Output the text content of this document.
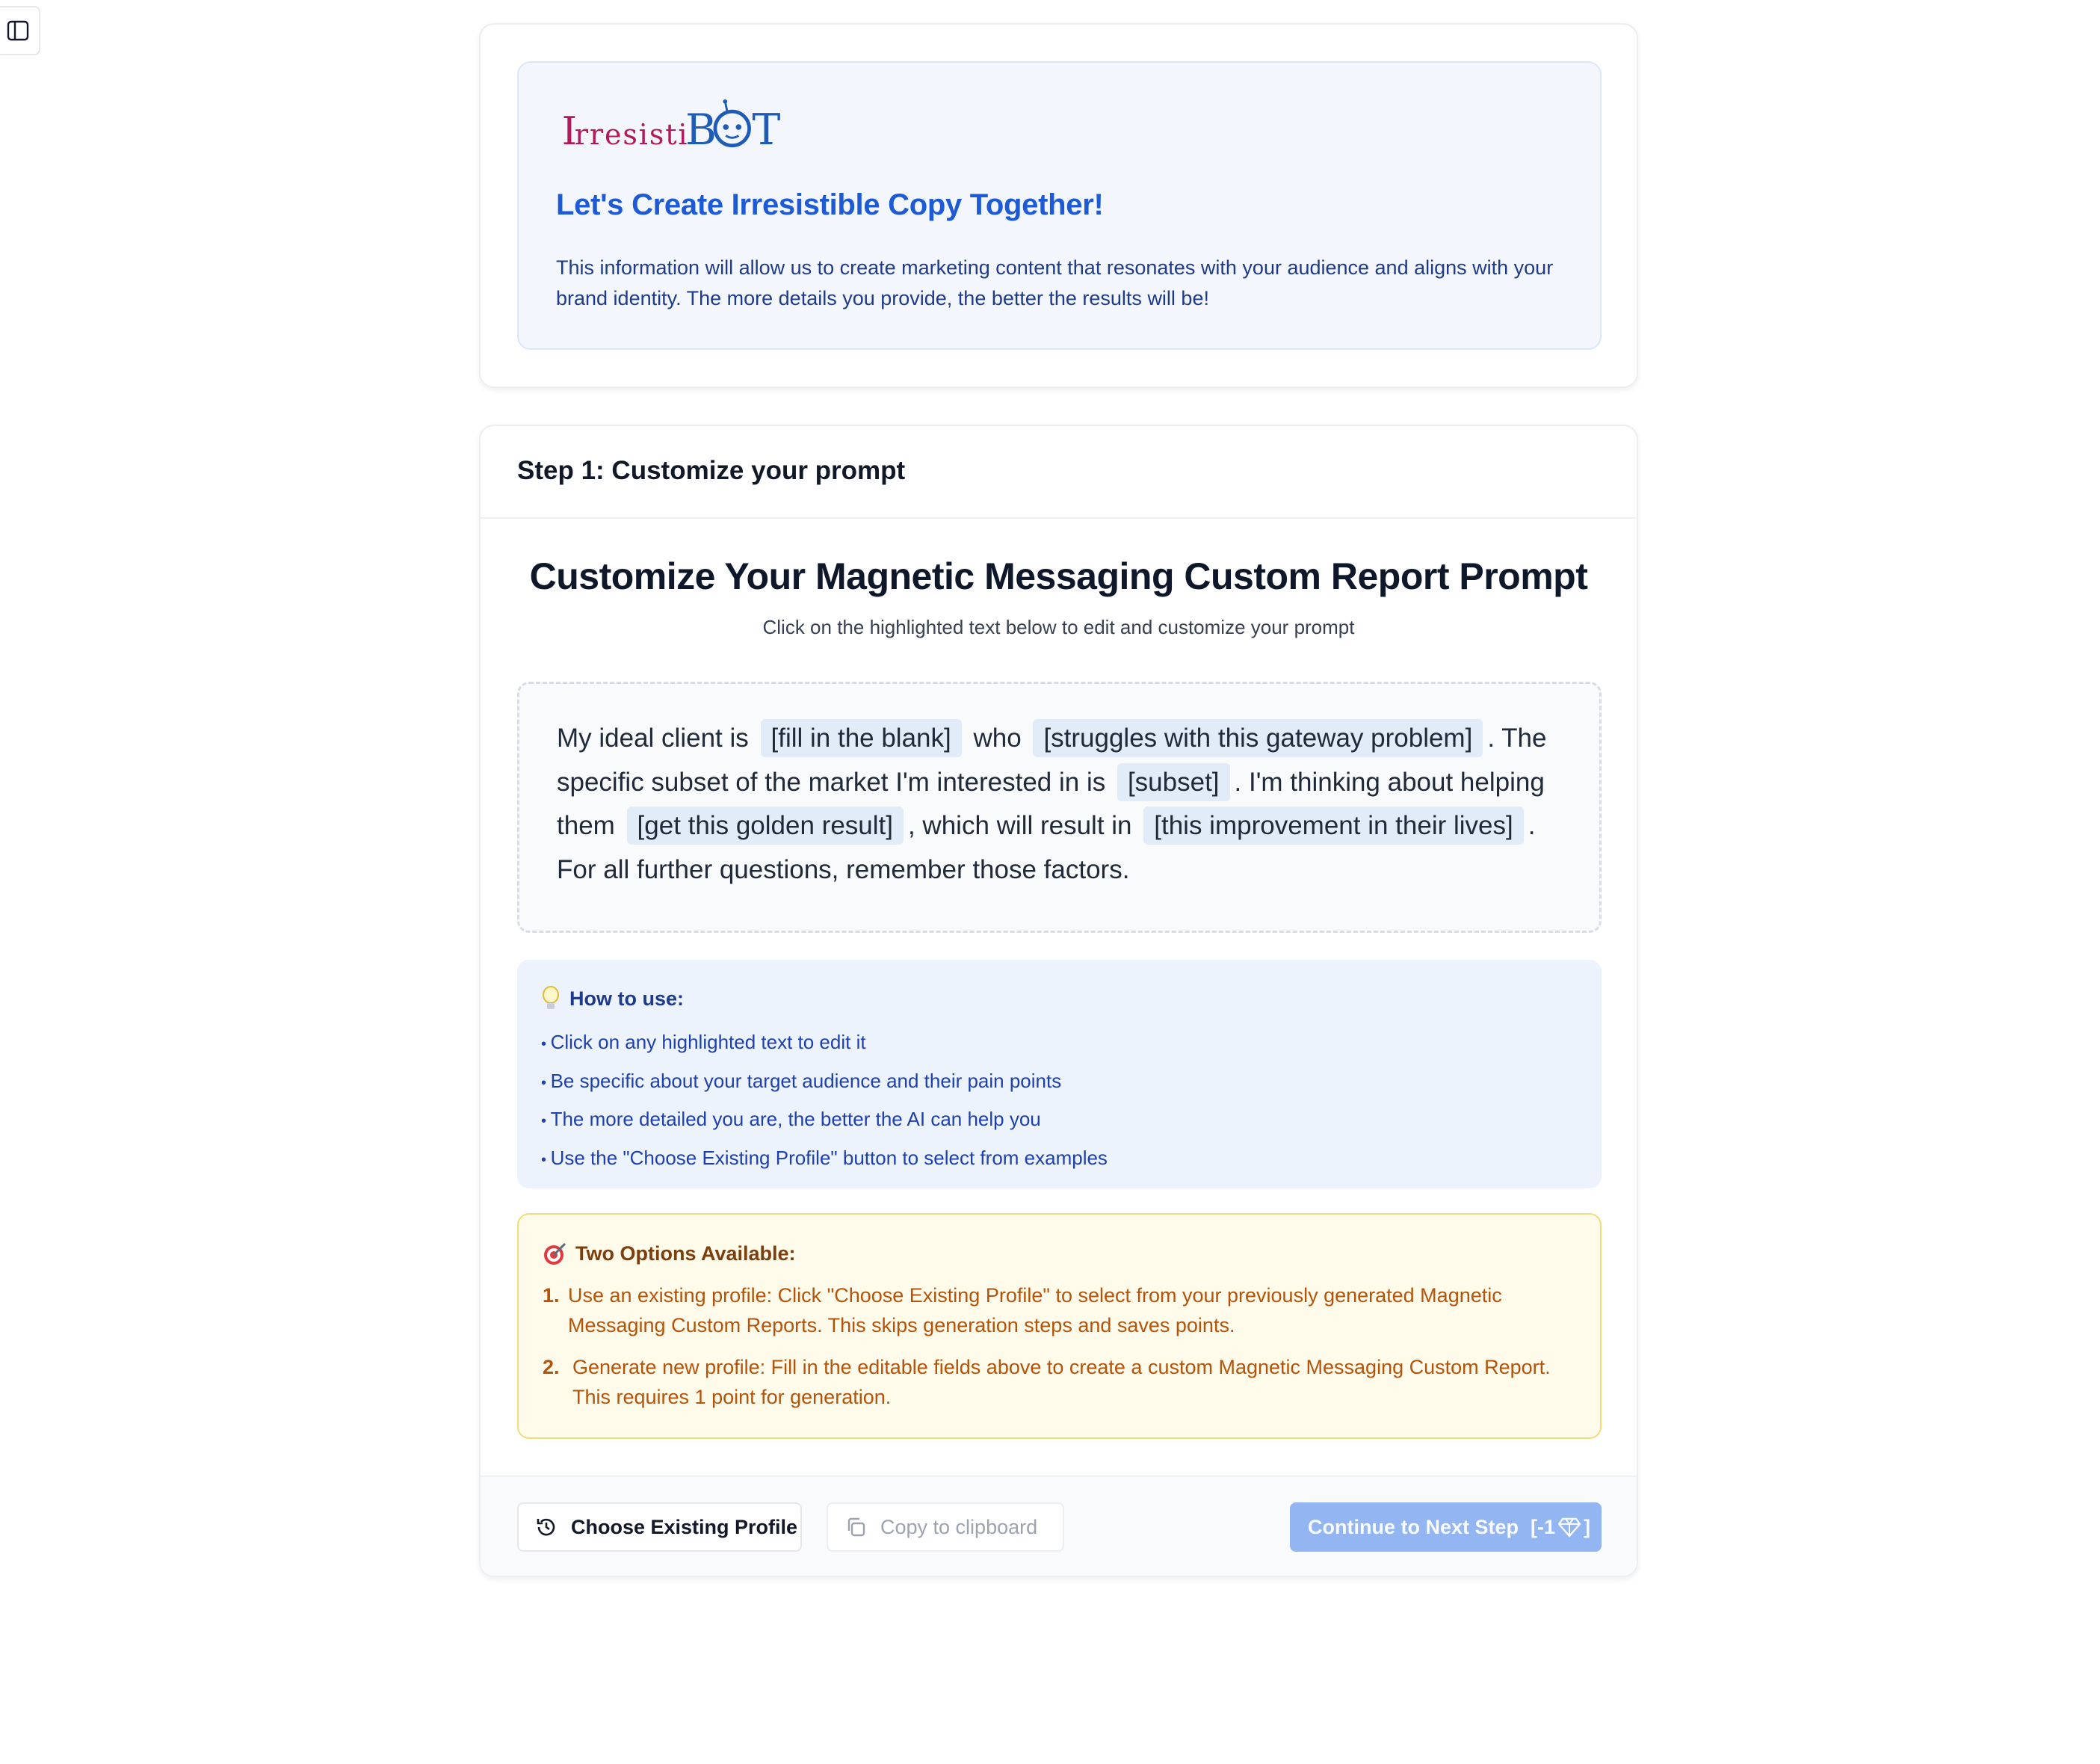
I
rresisti
B T
Let's Create Irresistible Copy Together!
This information will allow us to create marketing content that resonates with your audience and aligns with your brand identity. The more details you provide, the better the results will be!
Step 1: Customize your prompt
Customize Your Magnetic Messaging Custom Report Prompt
Click on the highlighted text below to edit and customize your prompt
My ideal client is [fill in the blank] who [struggles with this gateway problem] . The specific subset of the market I'm interested in is [subset] . I'm thinking about helping them [get this golden result] , which will result in [this improvement in their lives] . For all further questions, remember those factors.
How to use:
• Click on any highlighted text to edit it
• Be specific about your target audience and their pain points
• The more detailed you are, the better the AI can help you
• Use the "Choose Existing Profile" button to select from examples
Two Options Available:
1. Use an existing profile: Click "Choose Existing Profile" to select from your previously generated Magnetic Messaging Custom Reports. This skips generation steps and saves points.
2. Generate new profile: Fill in the editable fields above to create a custom Magnetic Messaging Custom Report. This requires 1 point for generation.
Choose Existing Profile	Copy to clipboard	Continue to Next Step [-1 ]
